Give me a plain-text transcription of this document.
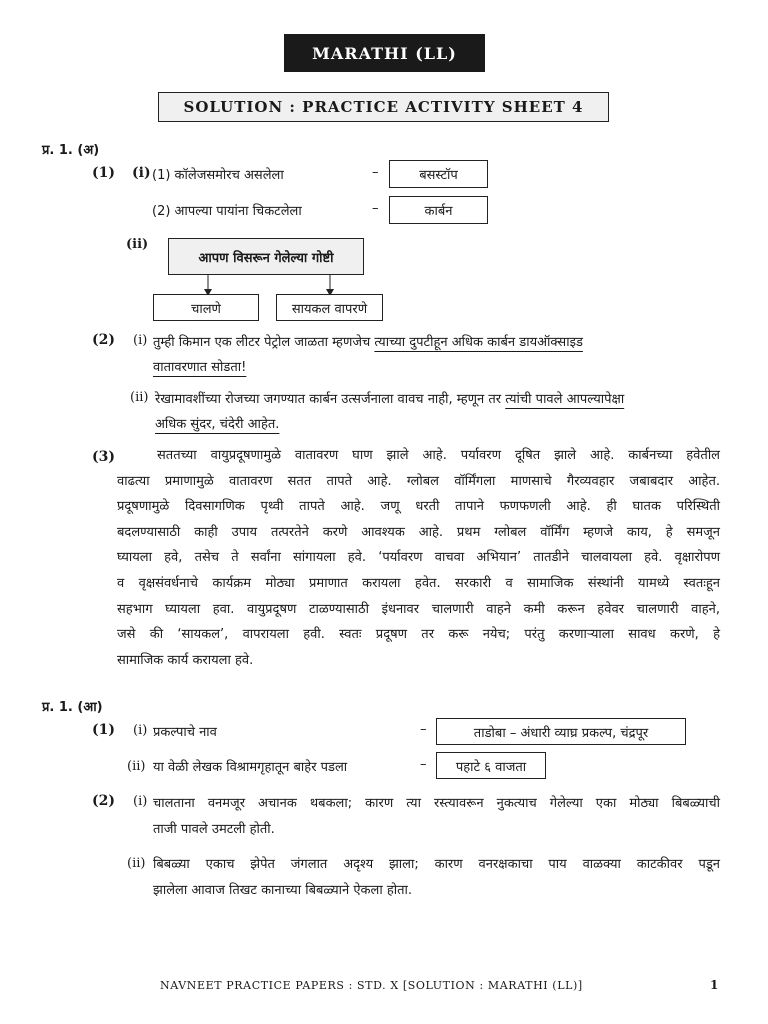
MARATHI (LL)
SOLUTION : PRACTICE ACTIVITY SHEET 4
प्र. 1. (अ)
(1) (i) (1) कॉलेजसमोरच असलेला	–	बसस्टॉप
(2) आपल्या पायांना चिकटलेला	–	कार्बन
(ii)
आपण विसरून गेलेल्या गोष्टी
चालणे	सायकल वापरणे
(2) (i) तुम्ही किमान एक लीटर पेट्रोल जाळता म्हणजेच त्याच्या दुपटीहून अधिक कार्बन डायऑक्साइड
वातावरणात सोडता!
(ii) रेखामावशींच्या रोजच्या जगण्यात कार्बन उत्सर्जनाला वावच नाही, म्हणून तर त्यांची पावले आपल्यापेक्षा
अधिक सुंदर, चंदेरी आहेत.
(3)	सततच्या वायुप्रदूषणामुळे वातावरण घाण झाले आहे. पर्यावरण दूषित झाले आहे. कार्बनच्या हवेतील
वाढत्या प्रमाणामुळे वातावरण सतत तापते आहे. ग्लोबल वॉर्मिंगला माणसाचे गैरव्यवहार जबाबदार आहेत.
प्रदूषणामुळे दिवसागणिक पृथ्वी तापते आहे. जणू धरती तापाने फणफणली आहे. ही घातक परिस्थिती
बदलण्यासाठी काही उपाय तत्परतेने करणे आवश्यक आहे. प्रथम ग्लोबल वॉर्मिंग म्हणजे काय, हे समजून
घ्यायला हवे, तसेच ते सर्वांना सांगायला हवे. ‘पर्यावरण वाचवा अभियान’ तातडीने चालवायला हवे. वृक्षारोपण
व वृक्षसंवर्धनाचे कार्यक्रम मोठ्या प्रमाणात करायला हवेत. सरकारी व सामाजिक संस्थांनी यामध्ये स्वतःहून
सहभाग घ्यायला हवा. वायुप्रदूषण टाळण्यासाठी इंधनावर चालणारी वाहने कमी करून हवेवर चालणारी वाहने,
जसे की ‘सायकल’, वापरायला हवी. स्वतः प्रदूषण तर करू नयेच; परंतु करणाऱ्याला सावध करणे, हे
सामाजिक कार्य करायला हवे.
प्र. 1. (आ)
(1) (i) प्रकल्पाचे नाव	–	ताडोबा – अंधारी व्याघ्र प्रकल्प, चंद्रपूर
(ii) या वेळी लेखक विश्रामगृहातून बाहेर पडला	–	पहाटे ६ वाजता
(2) (i) चालताना वनमजूर अचानक थबकला; कारण त्या रस्त्यावरून नुकत्याच गेलेल्या एका मोठ्या बिबळ्याची
ताजी पावले उमटली होती.
(ii) बिबळ्या एकाच झेपेत जंगलात अदृश्य झाला; कारण वनरक्षकाचा पाय वाळक्या काटकीवर पडून
झालेला आवाज तिखट कानाच्या बिबळ्याने ऐकला होता.
NAVNEET PRACTICE PAPERS : STD. X [SOLUTION : MARATHI (LL)]	1
